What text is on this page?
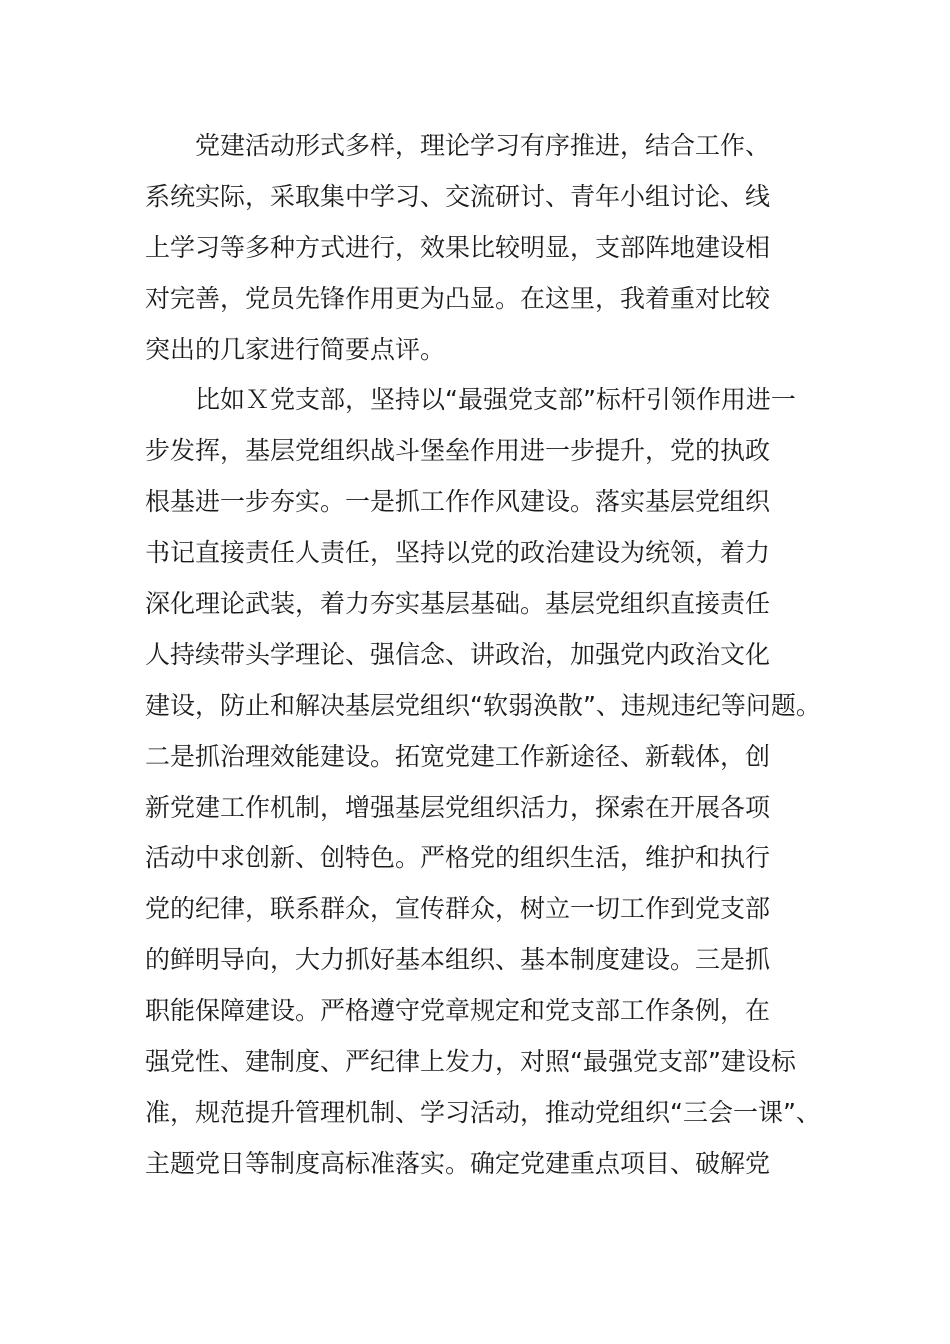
党建活动形式多样，理论学习有序推进，结合工作、
系统实际，采取集中学习、交流研讨、青年小组讨论、线
上学习等多种方式进行，效果比较明显，支部阵地建设相
对完善，党员先锋作用更为凸显。在这里，我着重对比较
突出的几家进行简要点评。
比如Ｘ党支部，坚持以“最强党支部”标杆引领作用进一
步发挥，基层党组织战斗堡垒作用进一步提升，党的执政
根基进一步夯实。一是抓工作作风建设。落实基层党组织
书记直接责任人责任，坚持以党的政治建设为统领，着力
深化理论武装，着力夯实基层基础。基层党组织直接责任
人持续带头学理论、强信念、讲政治，加强党内政治文化
建设，防止和解决基层党组织“软弱涣散”、违规违纪等问题。
二是抓治理效能建设。拓宽党建工作新途径、新载体，创
新党建工作机制，增强基层党组织活力，探索在开展各项
活动中求创新、创特色。严格党的组织生活，维护和执行
党的纪律，联系群众，宣传群众，树立一切工作到党支部
的鲜明导向，大力抓好基本组织、基本制度建设。三是抓
职能保障建设。严格遵守党章规定和党支部工作条例，在
强党性、建制度、严纪律上发力，对照“最强党支部”建设标
准，规范提升管理机制、学习活动，推动党组织“三会一课”、
主题党日等制度高标准落实。确定党建重点项目、破解党
